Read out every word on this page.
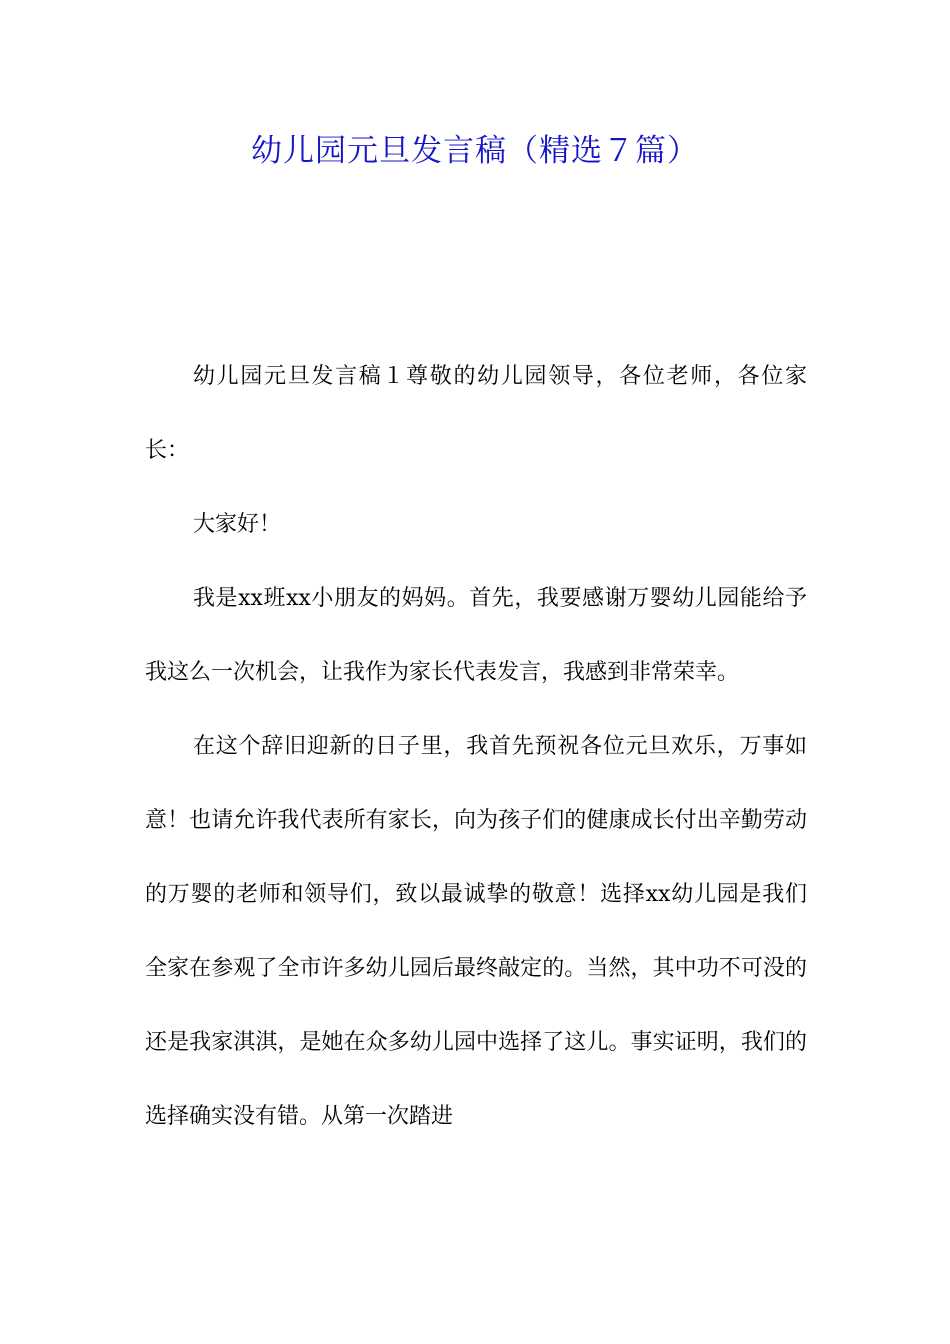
幼儿园元旦发言稿（精选７篇）

幼儿园元旦发言稿１尊敬的幼儿园领导，各位老师，各位家长：

大家好！

我是xx班xx小朋友的妈妈。首先，我要感谢万婴幼儿园能给予我这么一次机会，让我作为家长代表发言，我感到非常荣幸。

在这个辞旧迎新的日子里，我首先预祝各位元旦欢乐，万事如意！也请允许我代表所有家长，向为孩子们的健康成长付出辛勤劳动的万婴的老师和领导们，致以最诚挚的敬意！选择xx幼儿园是我们全家在参观了全市许多幼儿园后最终敲定的。当然，其中功不可没的还是我家淇淇，是她在众多幼儿园中选择了这儿。事实证明，我们的选择确实没有错。从第一次踏进
